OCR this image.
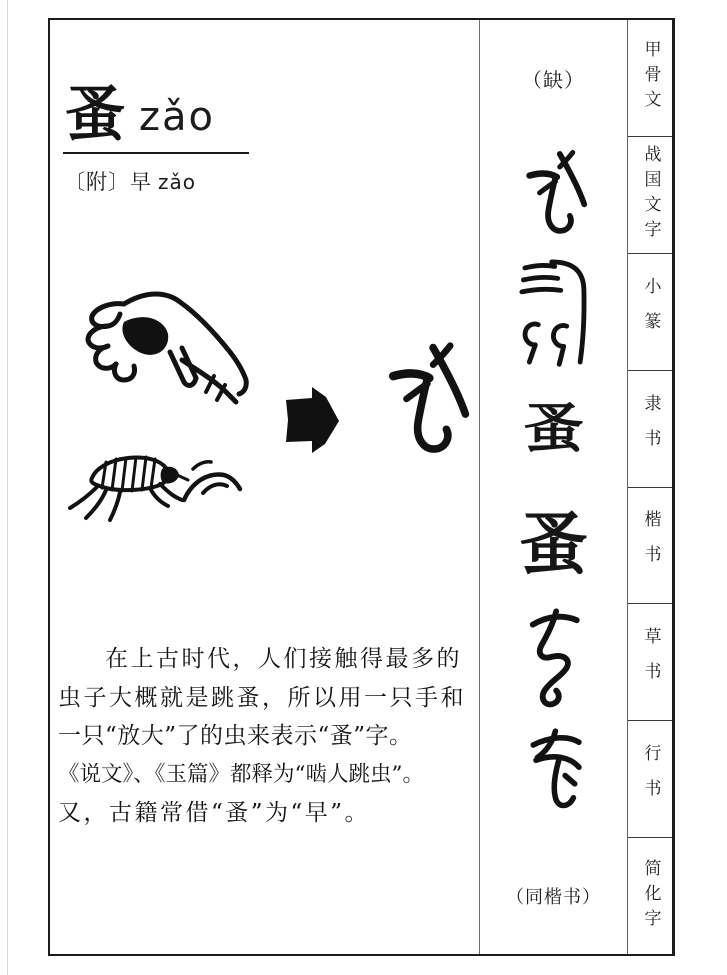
蚤 zǎo
〔附〕早 zǎo
在上古时代，人们接触得最多的
虫子大概就是跳蚤，所以用一只手和
一只“放大”了的虫来表示“蚤”字。
《说文》、《玉篇》都释为“啮人跳虫”。
又，古籍常借“蚤”为“早”。
（缺）
蚤
蚤
（同楷书）
甲骨文
战国文字
小篆
隶书
楷书
草书
行书
简化字
